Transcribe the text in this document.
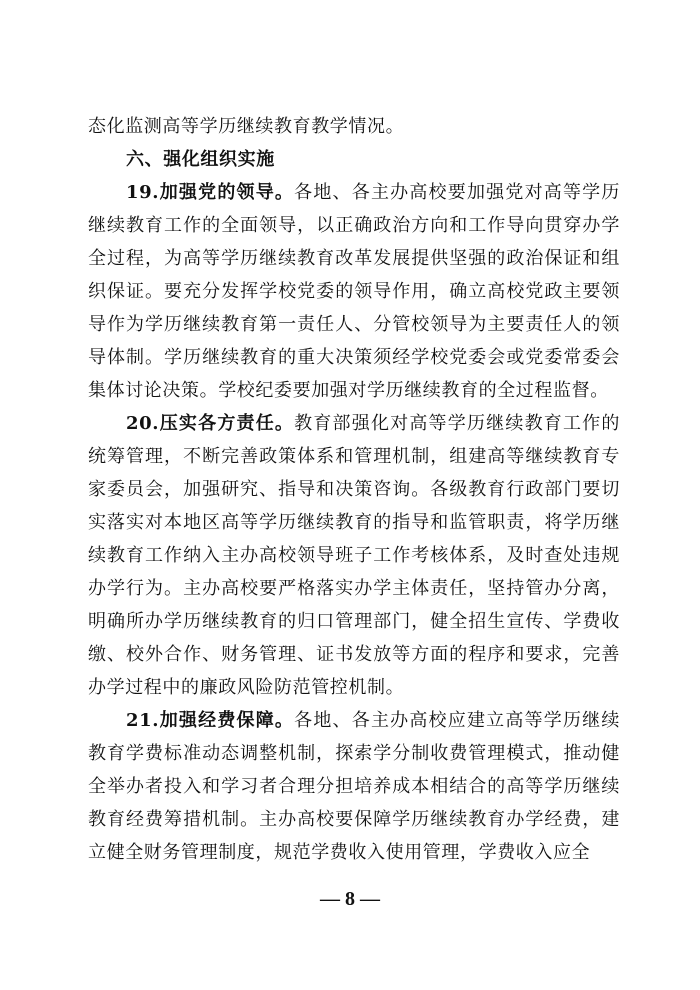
态化监测高等学历继续教育教学情况。

六、强化组织实施

19.加强党的领导。各地、各主办高校要加强党对高等学历继续教育工作的全面领导，以正确政治方向和工作导向贯穿办学全过程，为高等学历继续教育改革发展提供坚强的政治保证和组织保证。要充分发挥学校党委的领导作用，确立高校党政主要领导作为学历继续教育第一责任人、分管校领导为主要责任人的领导体制。学历继续教育的重大决策须经学校党委会或党委常委会集体讨论决策。学校纪委要加强对学历继续教育的全过程监督。

20.压实各方责任。教育部强化对高等学历继续教育工作的统筹管理，不断完善政策体系和管理机制，组建高等继续教育专家委员会，加强研究、指导和决策咨询。各级教育行政部门要切实落实对本地区高等学历继续教育的指导和监管职责，将学历继续教育工作纳入主办高校领导班子工作考核体系，及时查处违规办学行为。主办高校要严格落实办学主体责任，坚持管办分离，明确所办学历继续教育的归口管理部门，健全招生宣传、学费收缴、校外合作、财务管理、证书发放等方面的程序和要求，完善办学过程中的廉政风险防范管控机制。

21.加强经费保障。各地、各主办高校应建立高等学历继续教育学费标准动态调整机制，探索学分制收费管理模式，推动健全举办者投入和学习者合理分担培养成本相结合的高等学历继续教育经费筹措机制。主办高校要保障学历继续教育办学经费，建立健全财务管理制度，规范学费收入使用管理，学费收入应全

— 8 —
